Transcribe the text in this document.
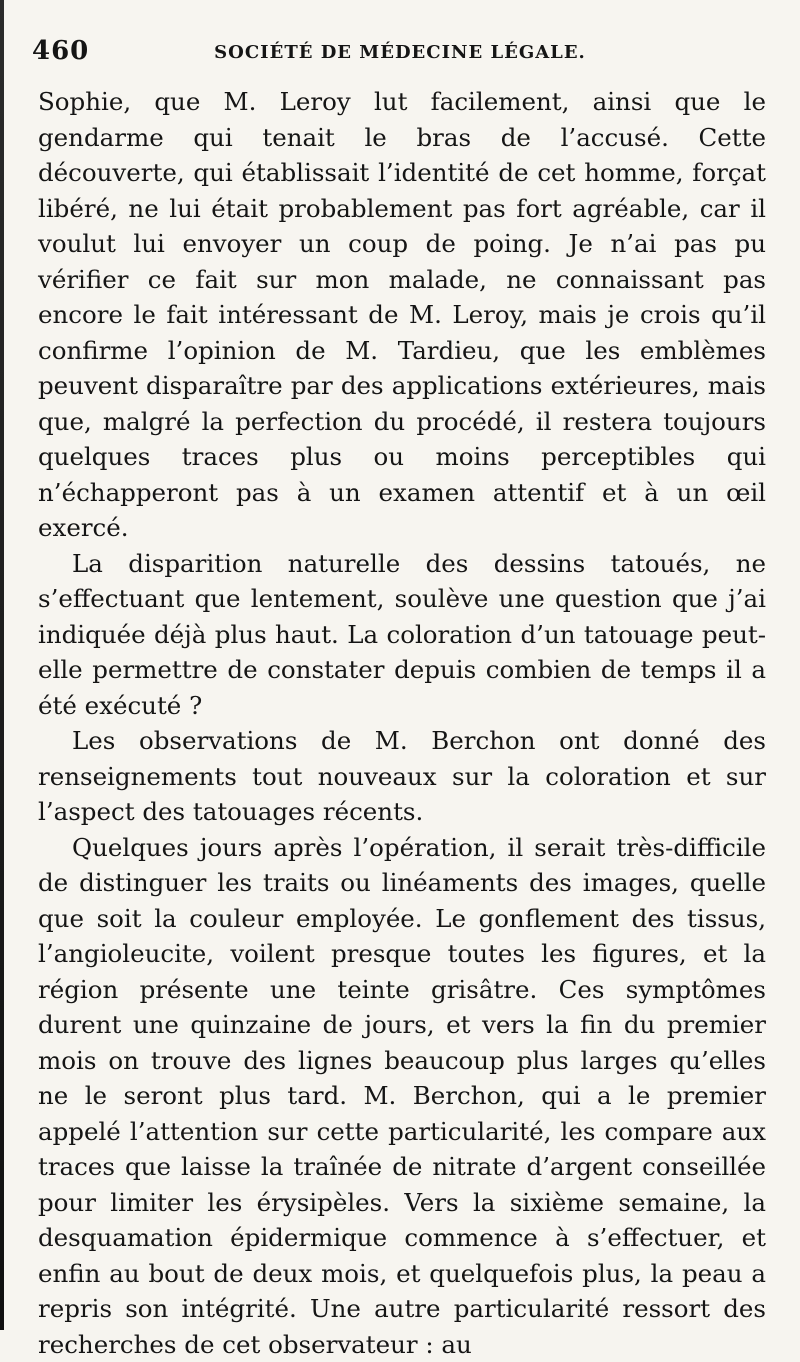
460	SOCIÉTÉ DE MÉDECINE LÉGALE.

Sophie, que M. Leroy lut facilement, ainsi que le gendarme qui tenait le bras de l’accusé. Cette découverte, qui établissait l’identité de cet homme, forçat libéré, ne lui était probablement pas fort agréable, car il voulut lui envoyer un coup de poing. Je n’ai pas pu vérifier ce fait sur mon malade, ne connaissant pas encore le fait intéressant de M. Leroy, mais je crois qu’il confirme l’opinion de M. Tardieu, que les emblèmes peuvent disparaître par des applications extérieures, mais que, malgré la perfection du procédé, il restera toujours quelques traces plus ou moins perceptibles qui n’échapperont pas à un examen attentif et à un œil exercé.

La disparition naturelle des dessins tatoués, ne s’effectuant que lentement, soulève une question que j’ai indiquée déjà plus haut. La coloration d’un tatouage peut-elle permettre de constater depuis combien de temps il a été exécuté ?

Les observations de M. Berchon ont donné des renseignements tout nouveaux sur la coloration et sur l’aspect des tatouages récents.

Quelques jours après l’opération, il serait très-difficile de distinguer les traits ou linéaments des images, quelle que soit la couleur employée. Le gonflement des tissus, l’angioleucite, voilent presque toutes les figures, et la région présente une teinte grisâtre. Ces symptômes durent une quinzaine de jours, et vers la fin du premier mois on trouve des lignes beaucoup plus larges qu’elles ne le seront plus tard. M. Berchon, qui a le premier appelé l’attention sur cette particularité, les compare aux traces que laisse la traînée de nitrate d’argent conseillée pour limiter les érysipèles. Vers la sixième semaine, la desquamation épidermique commence à s’effectuer, et enfin au bout de deux mois, et quelquefois plus, la peau a repris son intégrité. Une autre particularité ressort des recherches de cet observateur : au
